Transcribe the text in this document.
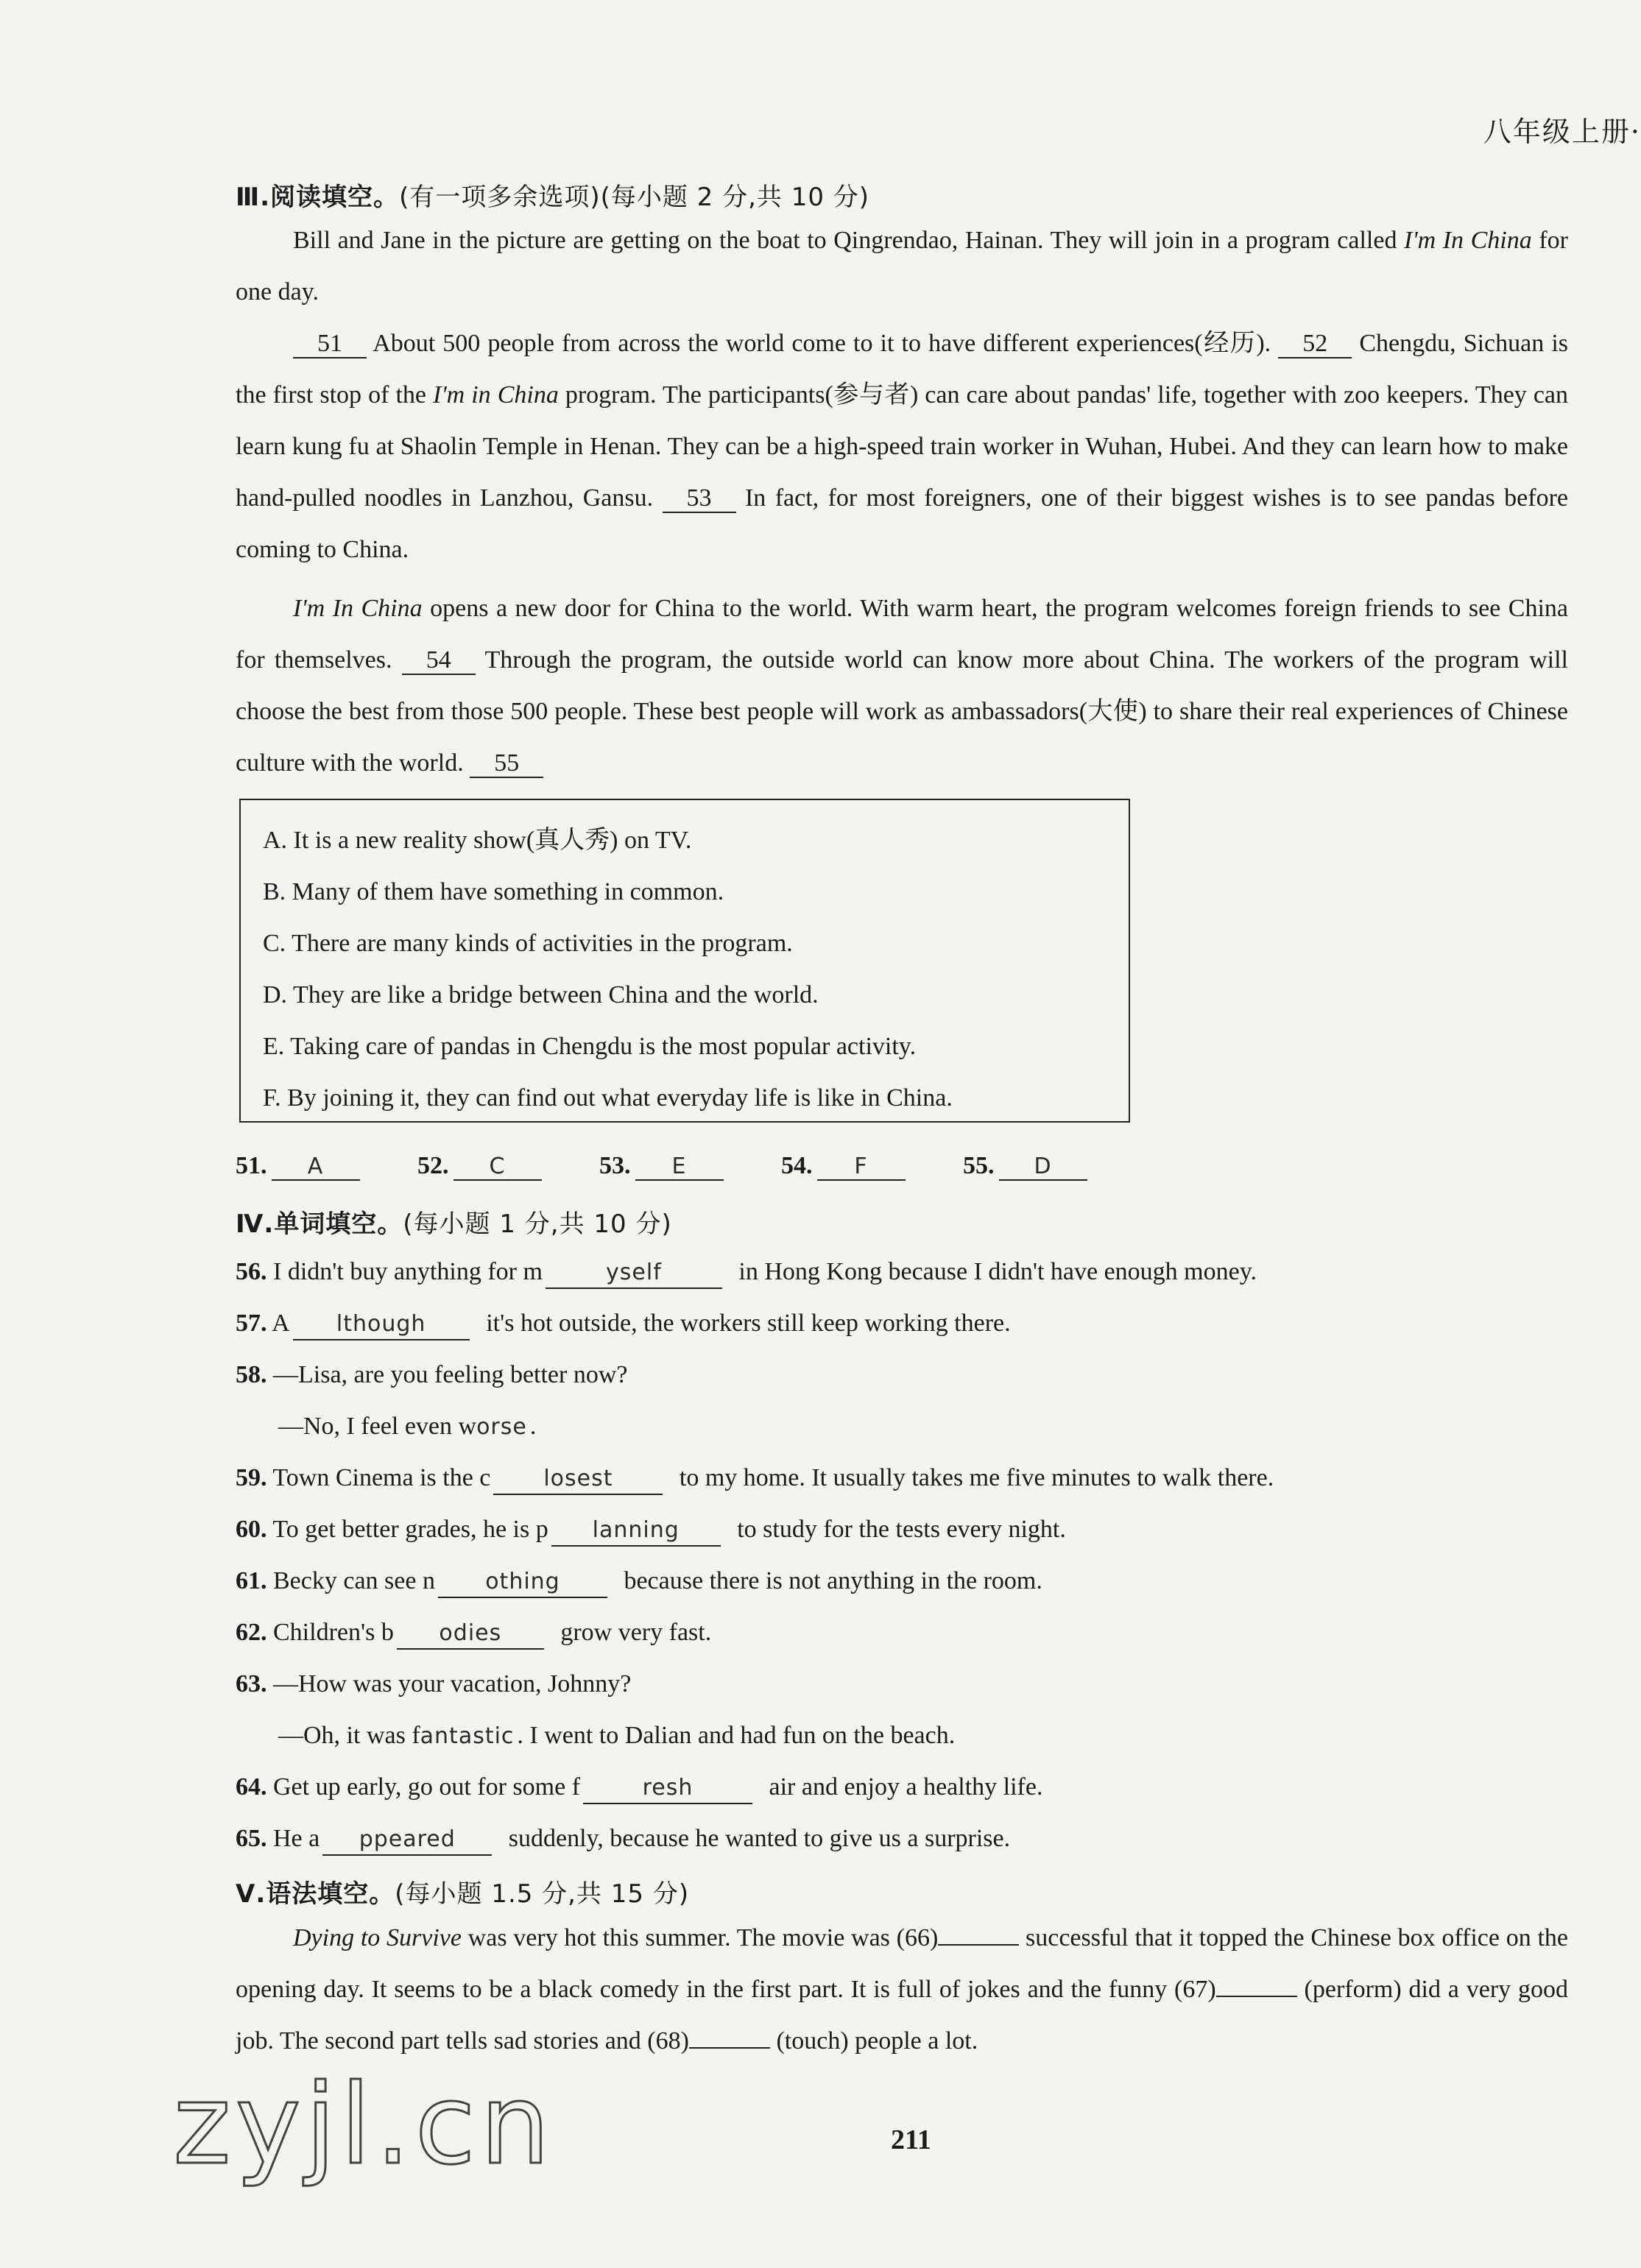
八年级上册·
Ⅲ.阅读填空。(有一项多余选项)(每小题 2 分,共 10 分)

Bill and Jane in the picture are getting on the boat to Qingrendao, Hainan. They will join in a program called I'm In China for one day.

51 About 500 people from across the world come to it to have different experiences(经历). 52 Chengdu, Sichuan is the first stop of the I'm in China program. The participants(参与者) can care about pandas' life, together with zoo keepers. They can learn kung fu at Shaolin Temple in Henan. They can be a high-speed train worker in Wuhan, Hubei. And they can learn how to make hand-pulled noodles in Lanzhou, Gansu. 53 In fact, for most foreigners, one of their biggest wishes is to see pandas before coming to China.

I'm In China opens a new door for China to the world. With warm heart, the program welcomes foreign friends to see China for themselves. 54 Through the program, the outside world can know more about China. The workers of the program will choose the best from those 500 people. These best people will work as ambassadors(大使) to share their real experiences of Chinese culture with the world. 55

A. It is a new reality show(真人秀) on TV.
B. Many of them have something in common.
C. There are many kinds of activities in the program.
D. They are like a bridge between China and the world.
E. Taking care of pandas in Chengdu is the most popular activity.
F. By joining it, they can find out what everyday life is like in China.
51. A	52. C	53. E	54. F	55. D
Ⅳ.单词填空。(每小题 1 分,共 10 分)
56. I didn't buy anything for m	yself	in Hong Kong because I didn't have enough money.
57. A lthough it's hot outside, the workers still keep working there.
58. —Lisa, are you feeling better now?
—No, I feel even worse .
59. Town Cinema is the c losest to my home. It usually takes me five minutes to walk there.
60. To get better grades, he is p lanning to study for the tests every night.
61. Becky can see n othing because there is not anything in the room.
62. Children's b odies grow very fast.
63. —How was your vacation, Johnny?
—Oh, it was fantastic . I went to Dalian and had fun on the beach.
64. Get up early, go out for some f	resh	air and enjoy a healthy life.
65. He a ppeared suddenly, because he wanted to give us a surprise.
Ⅴ.语法填空。(每小题 1.5 分,共 15 分)

Dying to Survive was very hot this summer. The movie was (66)	successful that it topped the Chinese box office on the opening day. It seems to be a black comedy in the first part. It is full of jokes and the funny (67)	(perform) did a very good job. The second part tells sad stories and (68)	(touch) people a lot.

211
zyjl.cn
